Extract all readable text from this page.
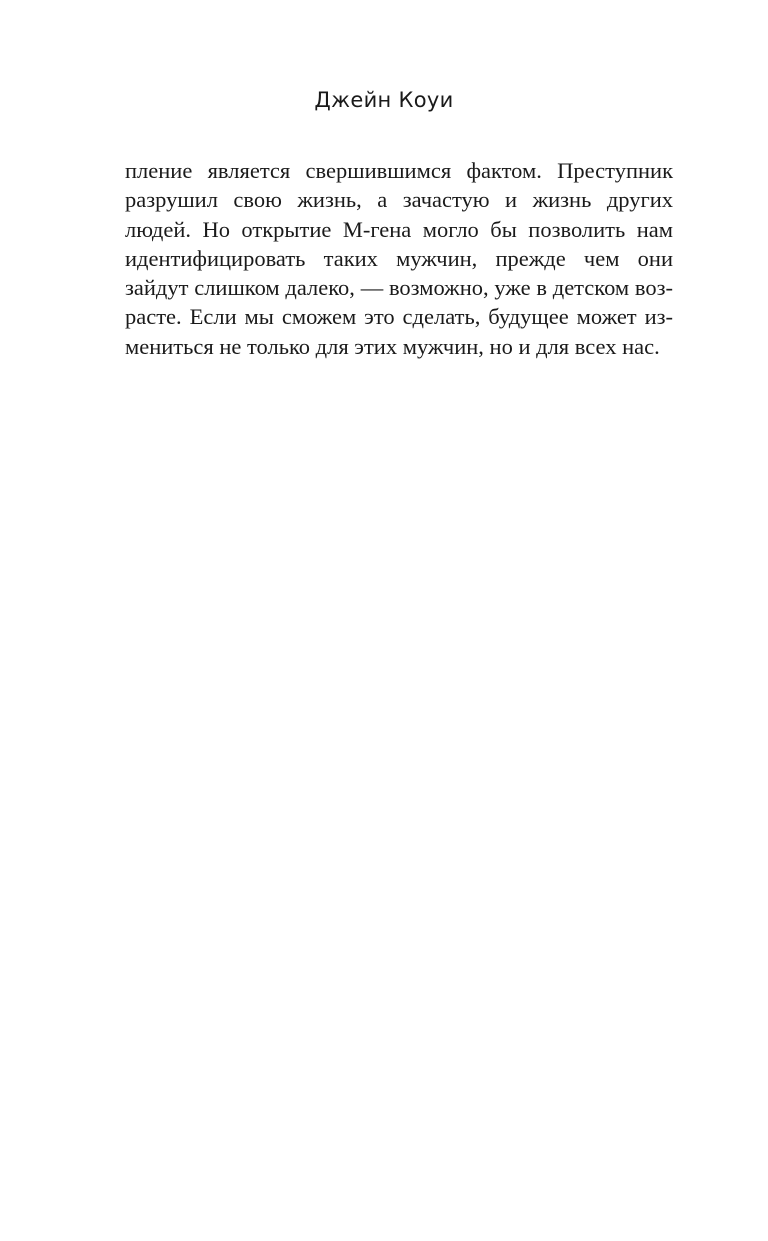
Джейн Коуи
пление является свершившимся фактом. Преступник
разрушил свою жизнь, а зачастую и жизнь других
людей. Но открытие М-гена могло бы позволить нам
идентифицировать таких мужчин, прежде чем они
зайдут слишком далеко, — возможно, уже в детском воз-
расте. Если мы сможем это сделать, будущее может из-
мениться не только для этих мужчин, но и для всех нас.
